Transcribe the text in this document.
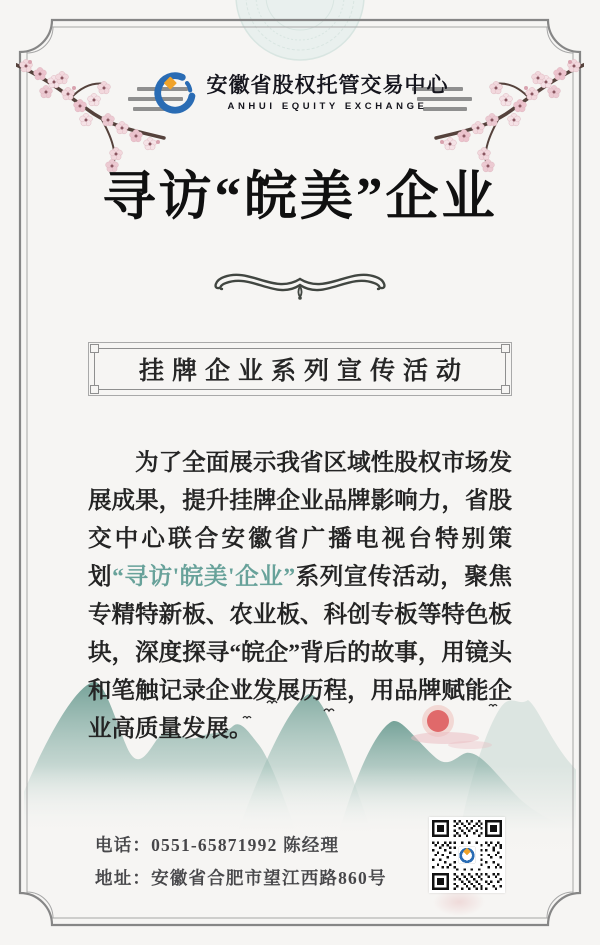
安徽省股权托管交易中心
ANHUI EQUITY EXCHANGE
寻访“皖美”企业
挂牌企业系列宣传活动

为了全面展示我省区域性股权市场发展成果，提升挂牌企业品牌影响力，省股交中心联合安徽省广播电视台特别策划“寻访'皖美'企业”系列宣传活动，聚焦专精特新板、农业板、科创专板等特色板块，深度探寻“皖企”背后的故事，用镜头和笔触记录企业发展历程，用品牌赋能企业高质量发展。

电话：0551-65871992 陈经理
地址：安徽省合肥市望江西路860号
